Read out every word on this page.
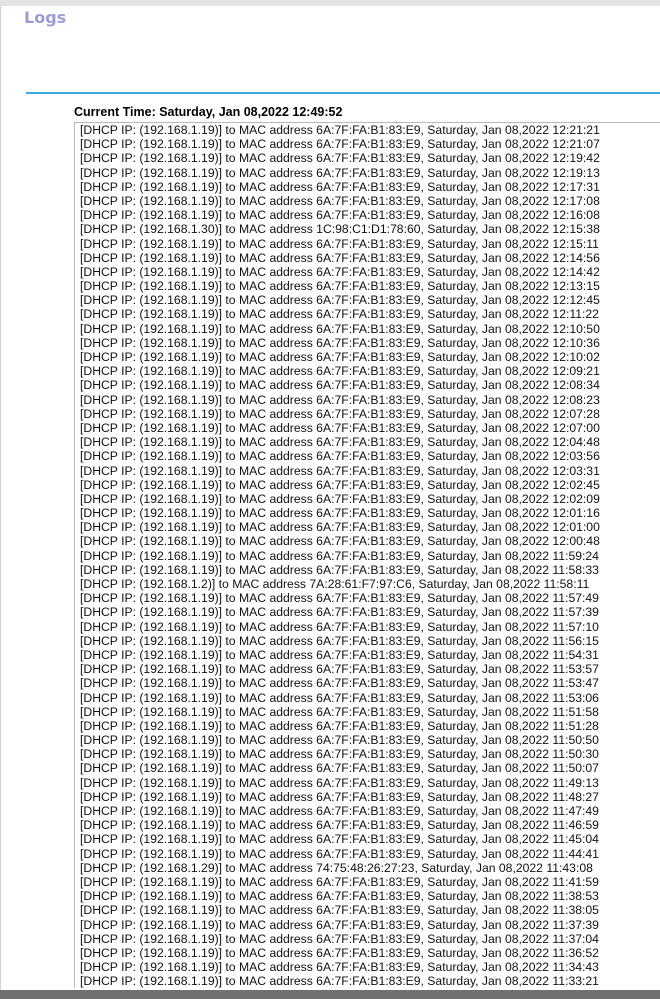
Logs
Current Time: Saturday, Jan 08,2022 12:49:52
[DHCP IP: (192.168.1.19)] to MAC address 6A:7F:FA:B1:83:E9, Saturday, Jan 08,2022 12:21:21
[DHCP IP: (192.168.1.19)] to MAC address 6A:7F:FA:B1:83:E9, Saturday, Jan 08,2022 12:21:07
[DHCP IP: (192.168.1.19)] to MAC address 6A:7F:FA:B1:83:E9, Saturday, Jan 08,2022 12:19:42
[DHCP IP: (192.168.1.19)] to MAC address 6A:7F:FA:B1:83:E9, Saturday, Jan 08,2022 12:19:13
[DHCP IP: (192.168.1.19)] to MAC address 6A:7F:FA:B1:83:E9, Saturday, Jan 08,2022 12:17:31
[DHCP IP: (192.168.1.19)] to MAC address 6A:7F:FA:B1:83:E9, Saturday, Jan 08,2022 12:17:08
[DHCP IP: (192.168.1.19)] to MAC address 6A:7F:FA:B1:83:E9, Saturday, Jan 08,2022 12:16:08
[DHCP IP: (192.168.1.30)] to MAC address 1C:98:C1:D1:78:60, Saturday, Jan 08,2022 12:15:38
[DHCP IP: (192.168.1.19)] to MAC address 6A:7F:FA:B1:83:E9, Saturday, Jan 08,2022 12:15:11
[DHCP IP: (192.168.1.19)] to MAC address 6A:7F:FA:B1:83:E9, Saturday, Jan 08,2022 12:14:56
[DHCP IP: (192.168.1.19)] to MAC address 6A:7F:FA:B1:83:E9, Saturday, Jan 08,2022 12:14:42
[DHCP IP: (192.168.1.19)] to MAC address 6A:7F:FA:B1:83:E9, Saturday, Jan 08,2022 12:13:15
[DHCP IP: (192.168.1.19)] to MAC address 6A:7F:FA:B1:83:E9, Saturday, Jan 08,2022 12:12:45
[DHCP IP: (192.168.1.19)] to MAC address 6A:7F:FA:B1:83:E9, Saturday, Jan 08,2022 12:11:22
[DHCP IP: (192.168.1.19)] to MAC address 6A:7F:FA:B1:83:E9, Saturday, Jan 08,2022 12:10:50
[DHCP IP: (192.168.1.19)] to MAC address 6A:7F:FA:B1:83:E9, Saturday, Jan 08,2022 12:10:36
[DHCP IP: (192.168.1.19)] to MAC address 6A:7F:FA:B1:83:E9, Saturday, Jan 08,2022 12:10:02
[DHCP IP: (192.168.1.19)] to MAC address 6A:7F:FA:B1:83:E9, Saturday, Jan 08,2022 12:09:21
[DHCP IP: (192.168.1.19)] to MAC address 6A:7F:FA:B1:83:E9, Saturday, Jan 08,2022 12:08:34
[DHCP IP: (192.168.1.19)] to MAC address 6A:7F:FA:B1:83:E9, Saturday, Jan 08,2022 12:08:23
[DHCP IP: (192.168.1.19)] to MAC address 6A:7F:FA:B1:83:E9, Saturday, Jan 08,2022 12:07:28
[DHCP IP: (192.168.1.19)] to MAC address 6A:7F:FA:B1:83:E9, Saturday, Jan 08,2022 12:07:00
[DHCP IP: (192.168.1.19)] to MAC address 6A:7F:FA:B1:83:E9, Saturday, Jan 08,2022 12:04:48
[DHCP IP: (192.168.1.19)] to MAC address 6A:7F:FA:B1:83:E9, Saturday, Jan 08,2022 12:03:56
[DHCP IP: (192.168.1.19)] to MAC address 6A:7F:FA:B1:83:E9, Saturday, Jan 08,2022 12:03:31
[DHCP IP: (192.168.1.19)] to MAC address 6A:7F:FA:B1:83:E9, Saturday, Jan 08,2022 12:02:45
[DHCP IP: (192.168.1.19)] to MAC address 6A:7F:FA:B1:83:E9, Saturday, Jan 08,2022 12:02:09
[DHCP IP: (192.168.1.19)] to MAC address 6A:7F:FA:B1:83:E9, Saturday, Jan 08,2022 12:01:16
[DHCP IP: (192.168.1.19)] to MAC address 6A:7F:FA:B1:83:E9, Saturday, Jan 08,2022 12:01:00
[DHCP IP: (192.168.1.19)] to MAC address 6A:7F:FA:B1:83:E9, Saturday, Jan 08,2022 12:00:48
[DHCP IP: (192.168.1.19)] to MAC address 6A:7F:FA:B1:83:E9, Saturday, Jan 08,2022 11:59:24
[DHCP IP: (192.168.1.19)] to MAC address 6A:7F:FA:B1:83:E9, Saturday, Jan 08,2022 11:58:33
[DHCP IP: (192.168.1.2)] to MAC address 7A:28:61:F7:97:C6, Saturday, Jan 08,2022 11:58:11
[DHCP IP: (192.168.1.19)] to MAC address 6A:7F:FA:B1:83:E9, Saturday, Jan 08,2022 11:57:49
[DHCP IP: (192.168.1.19)] to MAC address 6A:7F:FA:B1:83:E9, Saturday, Jan 08,2022 11:57:39
[DHCP IP: (192.168.1.19)] to MAC address 6A:7F:FA:B1:83:E9, Saturday, Jan 08,2022 11:57:10
[DHCP IP: (192.168.1.19)] to MAC address 6A:7F:FA:B1:83:E9, Saturday, Jan 08,2022 11:56:15
[DHCP IP: (192.168.1.19)] to MAC address 6A:7F:FA:B1:83:E9, Saturday, Jan 08,2022 11:54:31
[DHCP IP: (192.168.1.19)] to MAC address 6A:7F:FA:B1:83:E9, Saturday, Jan 08,2022 11:53:57
[DHCP IP: (192.168.1.19)] to MAC address 6A:7F:FA:B1:83:E9, Saturday, Jan 08,2022 11:53:47
[DHCP IP: (192.168.1.19)] to MAC address 6A:7F:FA:B1:83:E9, Saturday, Jan 08,2022 11:53:06
[DHCP IP: (192.168.1.19)] to MAC address 6A:7F:FA:B1:83:E9, Saturday, Jan 08,2022 11:51:58
[DHCP IP: (192.168.1.19)] to MAC address 6A:7F:FA:B1:83:E9, Saturday, Jan 08,2022 11:51:28
[DHCP IP: (192.168.1.19)] to MAC address 6A:7F:FA:B1:83:E9, Saturday, Jan 08,2022 11:50:50
[DHCP IP: (192.168.1.19)] to MAC address 6A:7F:FA:B1:83:E9, Saturday, Jan 08,2022 11:50:30
[DHCP IP: (192.168.1.19)] to MAC address 6A:7F:FA:B1:83:E9, Saturday, Jan 08,2022 11:50:07
[DHCP IP: (192.168.1.19)] to MAC address 6A:7F:FA:B1:83:E9, Saturday, Jan 08,2022 11:49:13
[DHCP IP: (192.168.1.19)] to MAC address 6A:7F:FA:B1:83:E9, Saturday, Jan 08,2022 11:48:27
[DHCP IP: (192.168.1.19)] to MAC address 6A:7F:FA:B1:83:E9, Saturday, Jan 08,2022 11:47:49
[DHCP IP: (192.168.1.19)] to MAC address 6A:7F:FA:B1:83:E9, Saturday, Jan 08,2022 11:46:59
[DHCP IP: (192.168.1.19)] to MAC address 6A:7F:FA:B1:83:E9, Saturday, Jan 08,2022 11:45:04
[DHCP IP: (192.168.1.19)] to MAC address 6A:7F:FA:B1:83:E9, Saturday, Jan 08,2022 11:44:41
[DHCP IP: (192.168.1.29)] to MAC address 74:75:48:26:27:23, Saturday, Jan 08,2022 11:43:08
[DHCP IP: (192.168.1.19)] to MAC address 6A:7F:FA:B1:83:E9, Saturday, Jan 08,2022 11:41:59
[DHCP IP: (192.168.1.19)] to MAC address 6A:7F:FA:B1:83:E9, Saturday, Jan 08,2022 11:38:53
[DHCP IP: (192.168.1.19)] to MAC address 6A:7F:FA:B1:83:E9, Saturday, Jan 08,2022 11:38:05
[DHCP IP: (192.168.1.19)] to MAC address 6A:7F:FA:B1:83:E9, Saturday, Jan 08,2022 11:37:39
[DHCP IP: (192.168.1.19)] to MAC address 6A:7F:FA:B1:83:E9, Saturday, Jan 08,2022 11:37:04
[DHCP IP: (192.168.1.19)] to MAC address 6A:7F:FA:B1:83:E9, Saturday, Jan 08,2022 11:36:52
[DHCP IP: (192.168.1.19)] to MAC address 6A:7F:FA:B1:83:E9, Saturday, Jan 08,2022 11:34:43
[DHCP IP: (192.168.1.19)] to MAC address 6A:7F:FA:B1:83:E9, Saturday, Jan 08,2022 11:33:21
